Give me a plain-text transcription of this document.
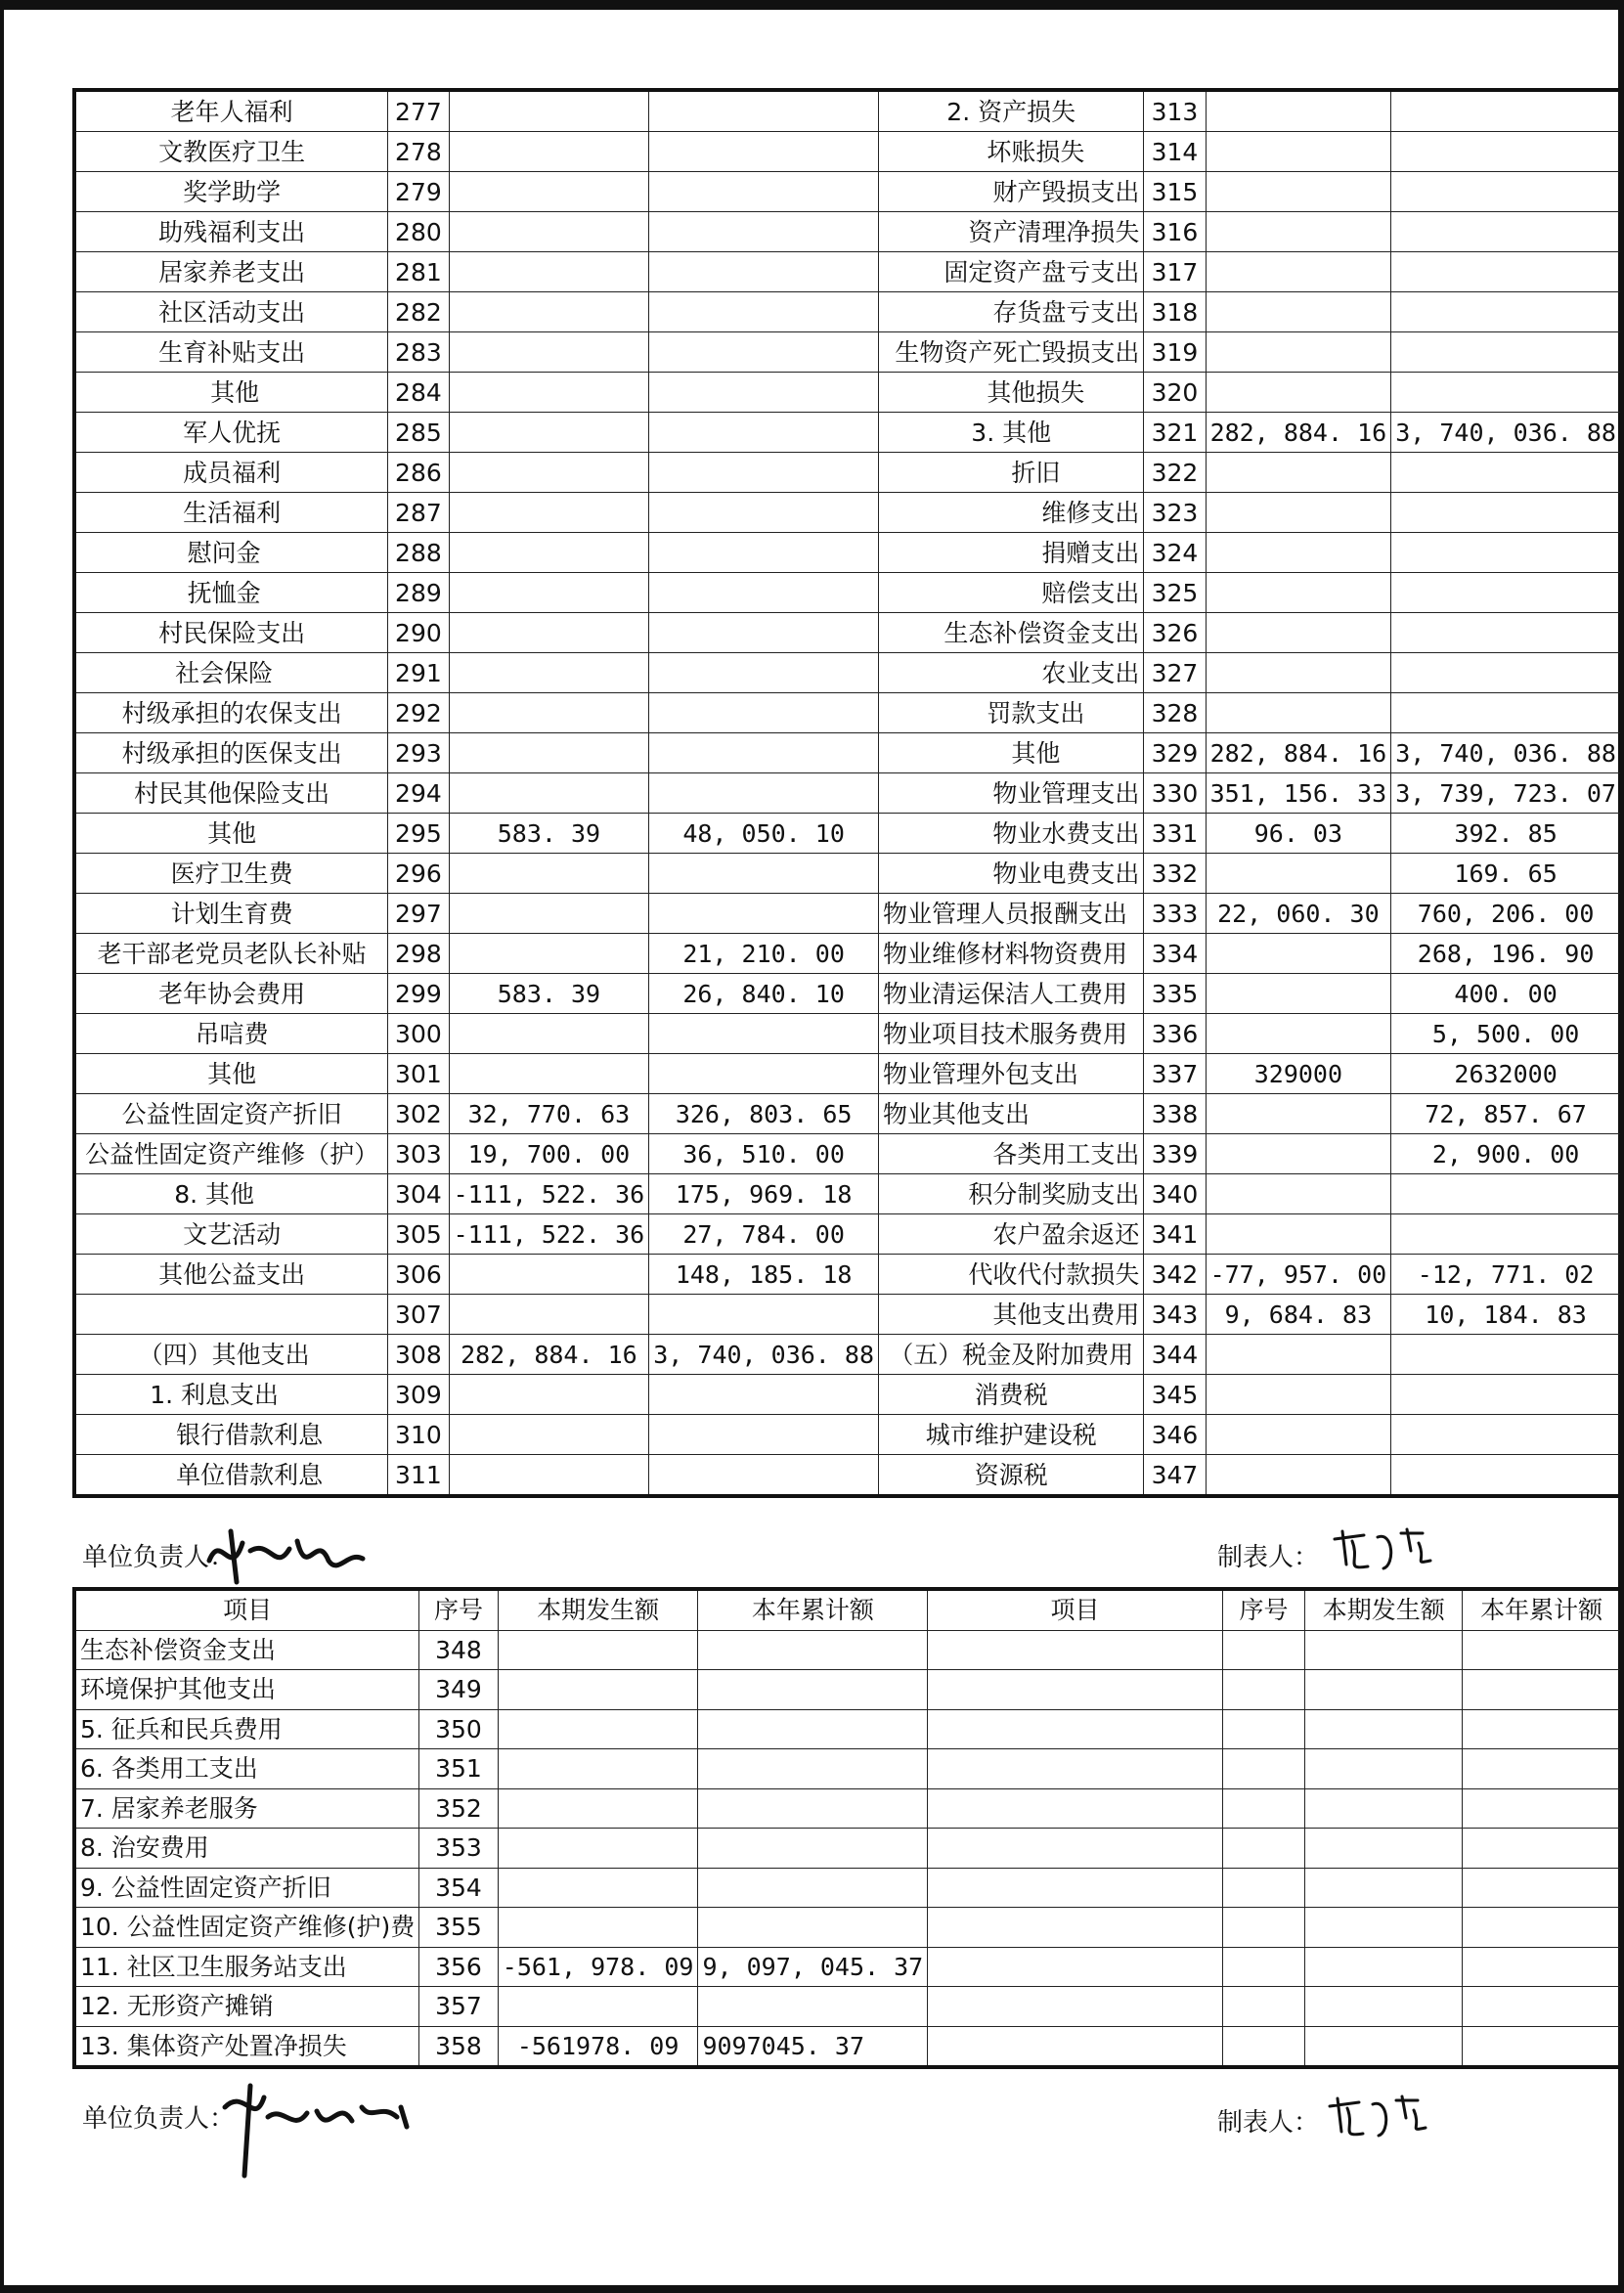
老年人福利	277			2. 资产损失	313		
文教医疗卫生	278			坏账损失	314		
奖学助学	279			财产毁损支出	315		
助残福利支出	280			资产清理净损失	316		
居家养老支出	281			固定资产盘亏支出	317		
社区活动支出	282			存货盘亏支出	318		
生育补贴支出	283			生物资产死亡毁损支出	319		
其他	284			其他损失	320		
军人优抚	285			3. 其他	321	282, 884. 16	3, 740, 036. 88
成员福利	286			折旧	322		
生活福利	287			维修支出	323		
慰问金	288			捐赠支出	324		
抚恤金	289			赔偿支出	325		
村民保险支出	290			生态补偿资金支出	326		
社会保险	291			农业支出	327		
村级承担的农保支出	292			罚款支出	328		
村级承担的医保支出	293			其他	329	282, 884. 16	3, 740, 036. 88
村民其他保险支出	294			物业管理支出	330	351, 156. 33	3, 739, 723. 07
其他	295	583. 39	48, 050. 10	物业水费支出	331	96. 03	392. 85
医疗卫生费	296			物业电费支出	332		169. 65
计划生育费	297			物业管理人员报酬支出	333	22, 060. 30	760, 206. 00
老干部老党员老队长补贴	298		21, 210. 00	物业维修材料物资费用	334		268, 196. 90
老年协会费用	299	583. 39	26, 840. 10	物业清运保洁人工费用	335		400. 00
吊唁费	300			物业项目技术服务费用	336		5, 500. 00
其他	301			物业管理外包支出	337	329000	2632000
公益性固定资产折旧	302	32, 770. 63	326, 803. 65	物业其他支出	338		72, 857. 67
公益性固定资产维修（护）	303	19, 700. 00	36, 510. 00	各类用工支出	339		2, 900. 00
8. 其他	304	-111, 522. 36	175, 969. 18	积分制奖励支出	340		
文艺活动	305	-111, 522. 36	27, 784. 00	农户盈余返还	341		
其他公益支出	306		148, 185. 18	代收代付款损失	342	-77, 957. 00	-12, 771. 02
	307			其他支出费用	343	9, 684. 83	10, 184. 83
（四）其他支出	308	282, 884. 16	3, 740, 036. 88	（五）税金及附加费用	344		
1. 利息支出	309			消费税	345		
银行借款利息	310			城市维护建设税	346		
单位借款利息	311			资源税	347		
单位负责人：	制表人：
项目	序号	本期发生额	本年累计额	项目	序号	本期发生额	本年累计额
生态补偿资金支出	348						
环境保护其他支出	349						
5. 征兵和民兵费用	350						
6. 各类用工支出	351						
7. 居家养老服务	352						
8. 治安费用	353						
9. 公益性固定资产折旧	354						
10. 公益性固定资产维修(护)费	355						
11. 社区卫生服务站支出	356	-561, 978. 09	9, 097, 045. 37				
12. 无形资产摊销	357						
13. 集体资产处置净损失	358	-561978. 09	9097045. 37				
单位负责人：	制表人：
